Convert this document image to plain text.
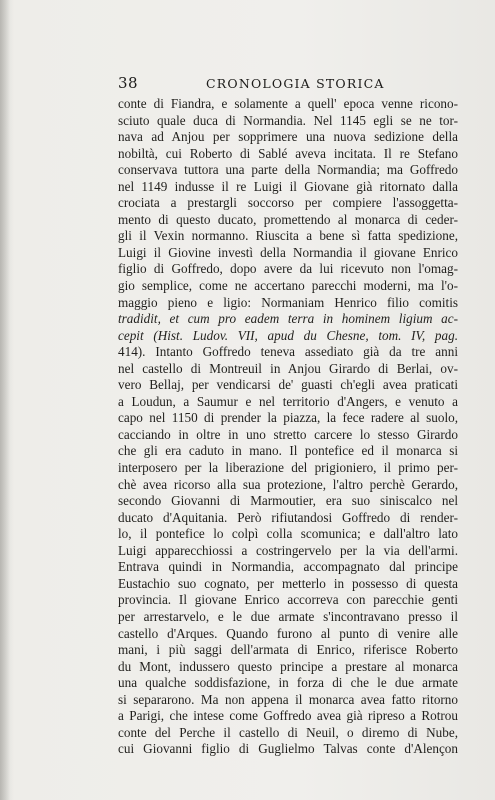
38	CRONOLOGIA STORICA
conte di Fiandra, e solamente a quell' epoca venne ricono-
sciuto quale duca di Normandia. Nel 1145 egli se ne tor-
nava ad Anjou per sopprimere una nuova sedizione della
nobiltà, cui Roberto di Sablé aveva incitata. Il re Stefano
conservava tuttora una parte della Normandia; ma Goffredo
nel 1149 indusse il re Luigi il Giovane già ritornato dalla
crociata a prestargli soccorso per compiere l'assoggetta-
mento di questo ducato, promettendo al monarca di ceder-
gli il Vexin normanno. Riuscita a bene sì fatta spedizione,
Luigi il Giovine investì della Normandia il giovane Enrico
figlio di Goffredo, dopo avere da lui ricevuto non l'omag-
gio semplice, come ne accertano parecchi moderni, ma l'o-
maggio pieno e ligio: Normaniam Henrico filio comitis
tradidit, et cum pro eadem terra in hominem ligium ac-
cepit (Hist. Ludov. VII, apud du Chesne, tom. IV, pag.
414). Intanto Goffredo teneva assediato già da tre anni
nel castello di Montreuil in Anjou Girardo di Berlai, ov-
vero Bellaj, per vendicarsi de' guasti ch'egli avea praticati
a Loudun, a Saumur e nel territorio d'Angers, e venuto a
capo nel 1150 di prender la piazza, la fece radere al suolo,
cacciando in oltre in uno stretto carcere lo stesso Girardo
che gli era caduto in mano. Il pontefice ed il monarca si
interposero per la liberazione del prigioniero, il primo per-
chè avea ricorso alla sua protezione, l'altro perchè Gerardo,
secondo Giovanni di Marmoutier, era suo siniscalco nel
ducato d'Aquitania. Però rifiutandosi Goffredo di render-
lo, il pontefice lo colpì colla scomunica; e dall'altro lato
Luigi apparecchiossi a costringervelo per la via dell'armi.
Entrava quindi in Normandia, accompagnato dal principe
Eustachio suo cognato, per metterlo in possesso di questa
provincia. Il giovane Enrico accorreva con parecchie genti
per arrestarvelo, e le due armate s'incontravano presso il
castello d'Arques. Quando furono al punto di venire alle
mani, i più saggi dell'armata di Enrico, riferisce Roberto
du Mont, indussero questo principe a prestare al monarca
una qualche soddisfazione, in forza di che le due armate
si separarono. Ma non appena il monarca avea fatto ritorno
a Parigi, che intese come Goffredo avea già ripreso a Rotrou
conte del Perche il castello di Neuil, o diremo di Nube,
cui Giovanni figlio di Guglielmo Talvas conte d'Alençon
